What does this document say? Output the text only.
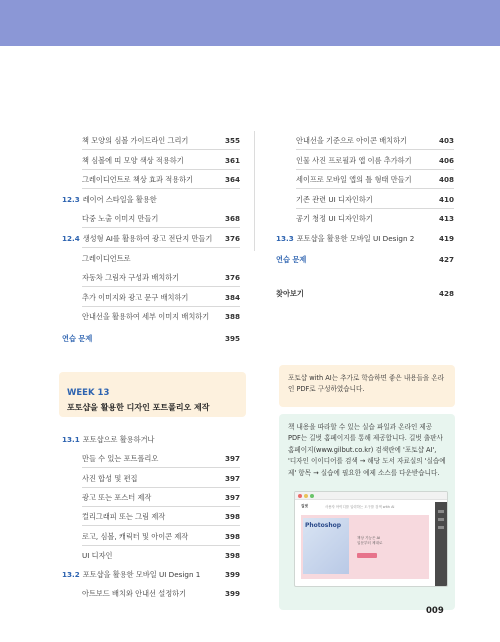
책 모양의 심볼 가이드라인 그리기	355
책 심볼에 띠 모양 색상 적용하기	361
그레이디언트로 책상 효과 적용하기	364
12.3 레이어 스타일을 활용한
다중 노출 이미지 만들기	368
12.4 생성형 AI를 활용하여 광고 전단지 만들기 376
그레이디언트로
자동차 그림자 구성과 배치하기	376
추가 이미지와 광고 문구 배치하기	384
안내선을 활용하여 세부 이미지 배치하기 388
연습 문제	395
안내선을 기준으로 아이콘 배치하기	403
인물 사진 프로필과 앱 이름 추가하기	406
세이프로 모바일 앱의 틀 형태 만들기	408
기존 관련 UI 디자인하기	410
공기 청정 UI 디자인하기	413
13.3 포토샵을 활용한 모바일 UI Design 2	419
연습 문제	427
찾아보기	428
WEEK 13
포토샵을 활용한 디자인 포트폴리오 제작
13.1 포토샵으로 활용하거나
만들 수 있는 포트폴리오	397
사진 합성 및 편집	397
광고 또는 포스터 제작	397
컬리그래피 또는 그림 제작	398
로고, 심볼, 캐릭터 및 아이콘 제작	398
UI 디자인	398
13.2 포토샵을 활용한 모바일 UI Design 1	399
아트보드 배치와 안내선 설정하기	399
포토샵 with AI는 추가로 학습하면 좋은 내용들을 온라인 PDF로 구성하였습니다.
책 내용을 따라할 수 있는 실습 파일과 온라인 제공 PDF는 길벗 홈페이지를 통해 제공합니다. 길벗 출판사 홈페이지(www.gilbut.co.kr) 검색란에 '포토샵 AI', '디자인 이이디어를 검색 → 해당 도서 자료실의 '실습예제' 항목 → 실습에 필요한 예제 소스를 다운받습니다.
길벗	사용자 아이디를 입력하는 도구를 검색 with AI
Photoshop
책상 기능은 AI
입문부터 제대로
009
